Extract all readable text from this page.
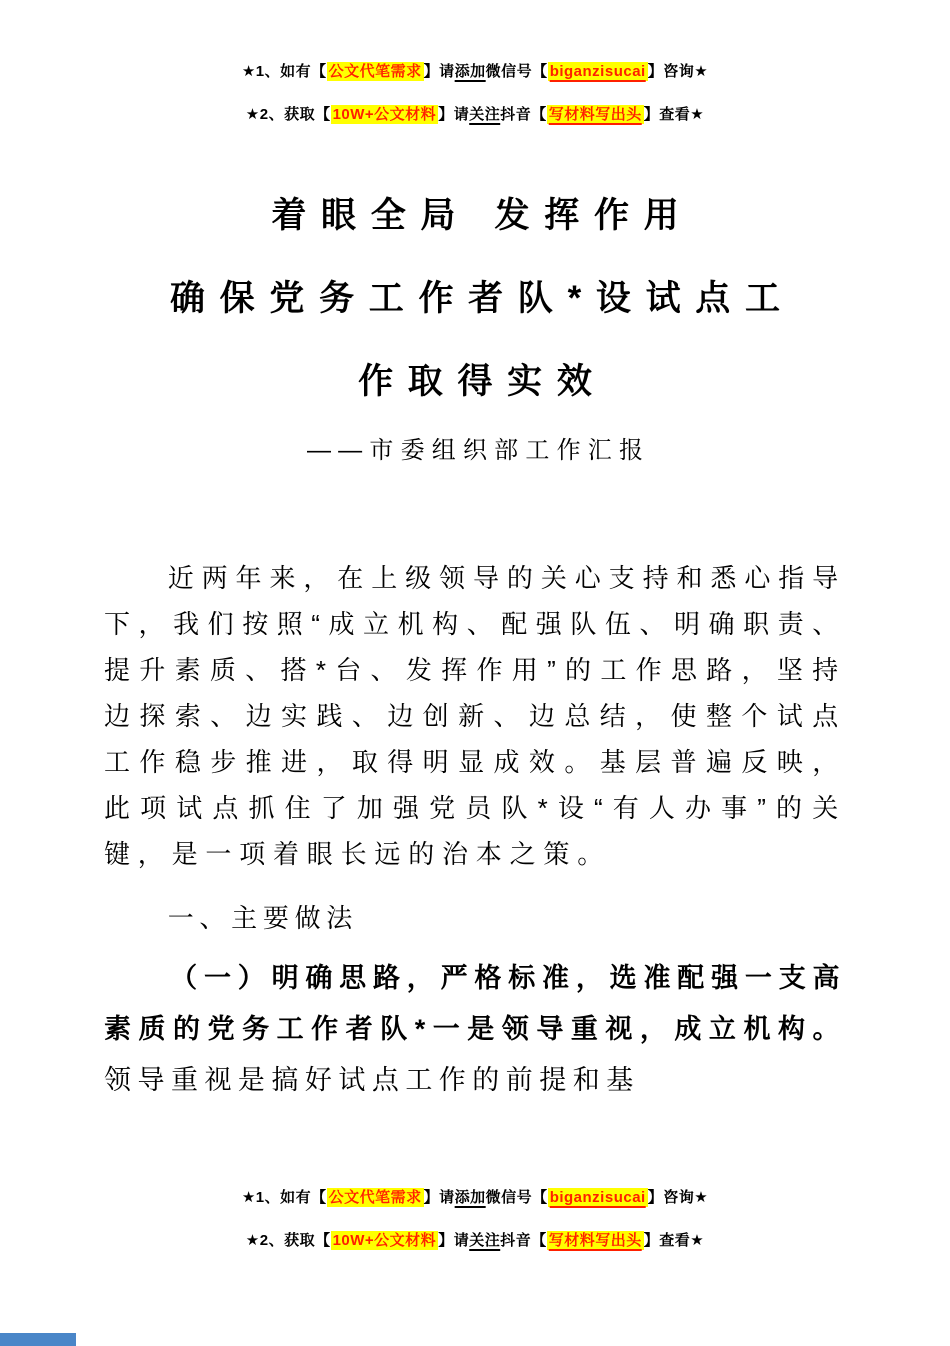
★1、如有【 公文代笔需求 】请添加微信号【 biganzisucai 】咨询★
★2、获取【 10W+公文材料 】请关注抖音【 写材料写出头 】查看★
着眼全局 发挥作用
确保党务工作者队*设试点工
作取得实效
——市委组织部工作汇报

近两年来，在上级领导的关心支持和悉心指导下，我们按照“成立机构、配强队伍、明确职责、提升素质、搭*台、发挥作用”的工作思路，坚持边探索、边实践、边创新、边总结，使整个试点工作稳步推进，取得明显成效。基层普遍反映，此项试点抓住了加强党员队*设“有人办事”的关键，是一项着眼长远的治本之策。

一、主要做法

（一）明确思路，严格标准，选准配强一支高素质的党务工作者队*一是领导重视，成立机构。领导重视是搞好试点工作的前提和基

★1、如有【 公文代笔需求 】请添加微信号【 biganzisucai 】咨询★
★2、获取【 10W+公文材料 】请关注抖音【 写材料写出头 】查看★
